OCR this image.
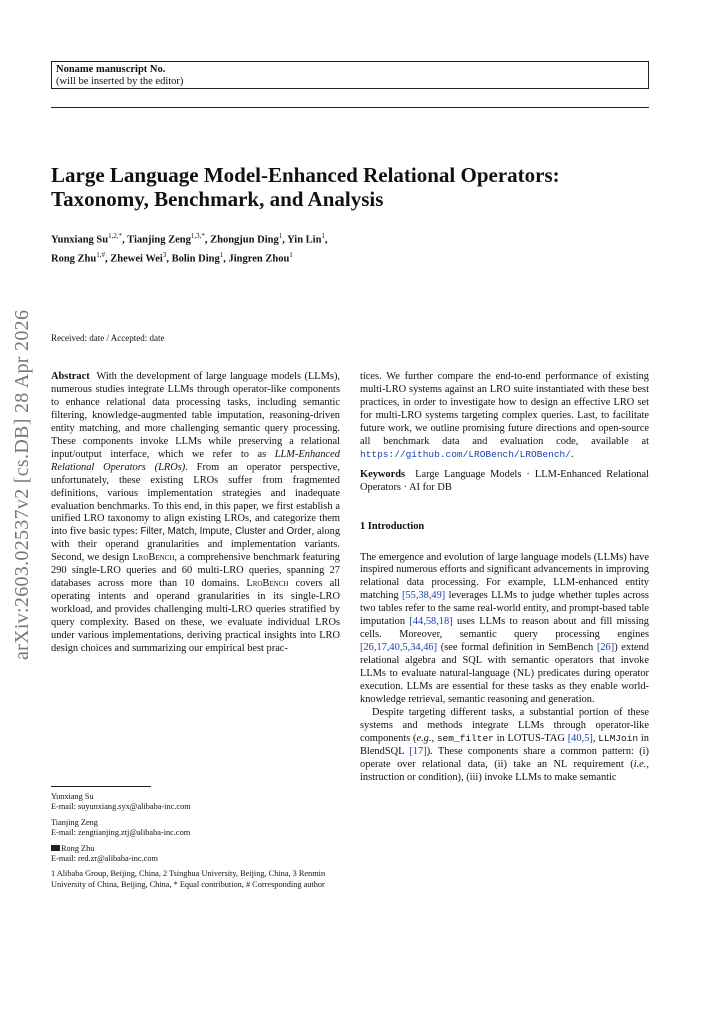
Noname manuscript No.
(will be inserted by the editor)
Large Language Model-Enhanced Relational Operators:
Taxonomy, Benchmark, and Analysis
Yunxiang $Su^{1,2,*}$, Tianjing Zeng$^{1,3,*}$, Zhongjun Ding$^1$, Yin Lin$^1$,
Rong Zhu$^{1,\#}$, Zhewei Wei$^3$, Bolin Ding$^1$, Jingren Zhou$^1$
arXiv:2603.02537v2 [cs.DB] 28 Apr 2026	Received: date / Accepted: date

Abstract With the development of large language models (LLMs), numerous studies integrate LLMs through operator-like components to enhance relational data processing tasks, including semantic filtering, knowledge-augmented table imputation, reasoning-driven entity matching, and more challenging semantic query processing. These components invoke LLMs while preserving a relational input/output interface, which we refer to as LLM-Enhanced Relational Operators (LROs). From an operator perspective, unfortunately, these existing LROs suffer from fragmented definitions, various implementation strategies and inadequate evaluation benchmarks. To this end, in this paper, we first establish a unified LRO taxonomy to align existing LROs, and categorize them into five basic types: Filter, Match, Impute, Cluster and Order, along with their operand granularities and implementation variants. Second, we design LroBench, a comprehensive benchmark featuring 290 single-LRO queries and 60 multi-LRO queries, spanning 27 databases across more than 10 domains. LroBench covers all operating intents and operand granularities in its single-LRO workload, and provides challenging multi-LRO queries stratified by query complexity. Based on these, we evaluate individual LROs under various implementations, deriving practical insights into LRO design choices and summarizing our empirical best prac-

tices. We further compare the end-to-end performance of existing multi-LRO systems against an LRO suite instantiated with these best practices, in order to investigate how to design an effective LRO set for multi-LRO systems targeting complex queries. Last, to facilitate future work, we outline promising future directions and open-source all benchmark data and evaluation code, available at https://github.com/LROBench/LROBench/.

Keywords Large Language Models · LLM-Enhanced Relational Operators · AI for DB

1 Introduction

The emergence and evolution of large language models (LLMs) have inspired numerous efforts and significant advancements in improving relational data processing. For example, LLM-enhanced entity matching [55,38,49] leverages LLMs to judge whether tuples across two tables refer to the same real-world entity, and prompt-based table imputation [44,58,18] uses LLMs to reason about and fill missing cells. Moreover, semantic query processing engines [26,17,40,5,34,46] (see formal definition in SemBench [26]) extend relational algebra and SQL with semantic operators that invoke LLMs to evaluate natural-language (NL) predicates during operator execution. LLMs are essential for these tasks as they enable world-knowledge retrieval, semantic reasoning and generation.

Despite targeting different tasks, a substantial portion of these systems and methods integrate LLMs through operator-like components (e.g., sem_filter in LOTUS-TAG [40,5], LLMJoin in BlendSQL [17]). These components share a common pattern: (i) operate over relational data, (ii) take an NL requirement (i.e., instruction or condition), (iii) invoke LLMs to make semantic

Yunxiang Su
E-mail: suyunxiang.syx@alibaba-inc.com

Tianjing Zeng
E-mail: zengtianjing.ztj@alibaba-inc.com

Rong Zhu
E-mail: red.zr@alibaba-inc.com

1 Alibaba Group, Beijing, China, 2 Tsinghua University, Beijing, China, 3 Renmin University of China, Beijing, China, * Equal contribution, # Corresponding author
